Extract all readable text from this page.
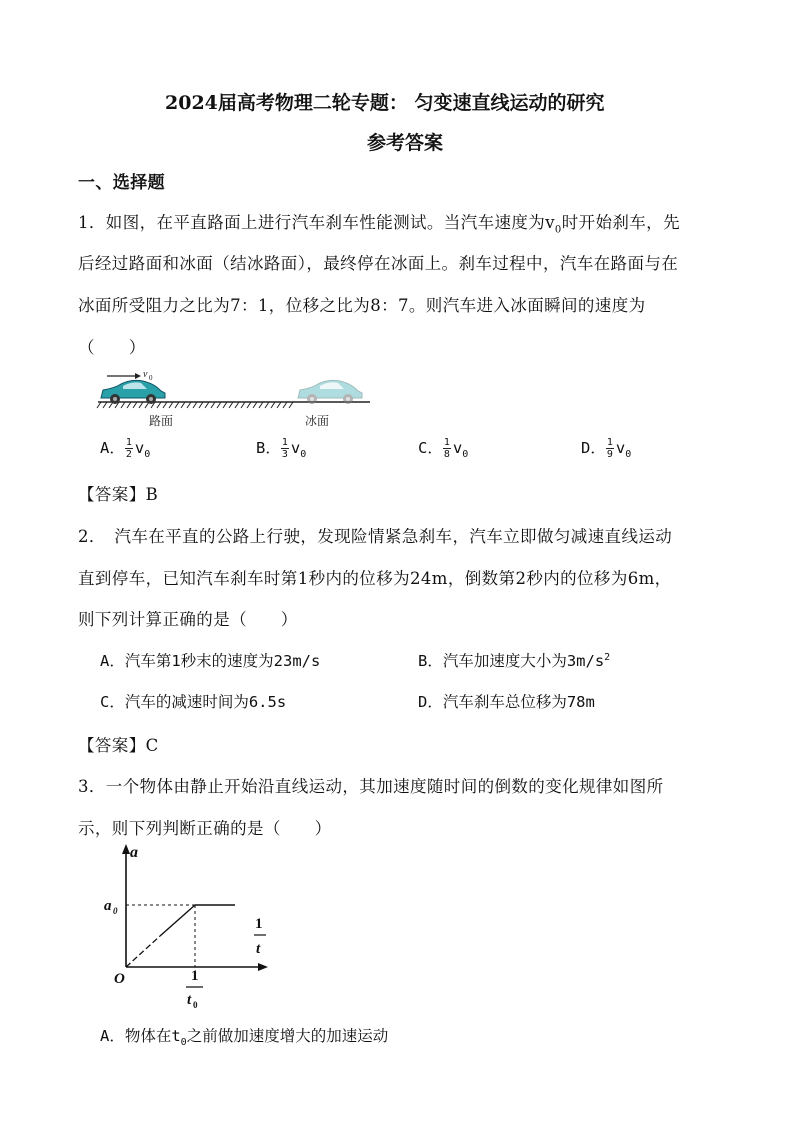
2024届高考物理二轮专题： 匀变速直线运动的研究
参考答案
一、选择题
1．如图，在平直路面上进行汽车刹车性能测试。当汽车速度为$v_0$时开始刹车，先
后经过路面和冰面（结冰路面），最终停在冰面上。刹车过程中，汽车在路面与在
冰面所受阻力之比为7：1，位移之比为8：7。则汽车进入冰面瞬间的速度为
（　　）
v 0
路面	冰面
A． $\frac{1}{2} v_0$	B． $\frac{1}{3} v_0$	C． $\frac{1}{8} v_0$	D． $\frac{1}{9} v_0$
【答案】B
2．　汽车在平直的公路上行驶，发现险情紧急刹车，汽车立即做匀减速直线运动
直到停车，已知汽车刹车时第1秒内的位移为24m，倒数第2秒内的位移为6m，
则下列计算正确的是（　　）
A．汽车第1秒末的速度为23m/s	B．汽车加速度大小为$3m/s^2$
C．汽车的减速时间为6.5s	D．汽车刹车总位移为78m
【答案】C
3．一个物体由静止开始沿直线运动，其加速度随时间的倒数的变化规律如图所
示，则下列判断正确的是（　　）
a
a 0
O
1
t
1
t 0
A．物体在$t_0$之前做加速度增大的加速运动
